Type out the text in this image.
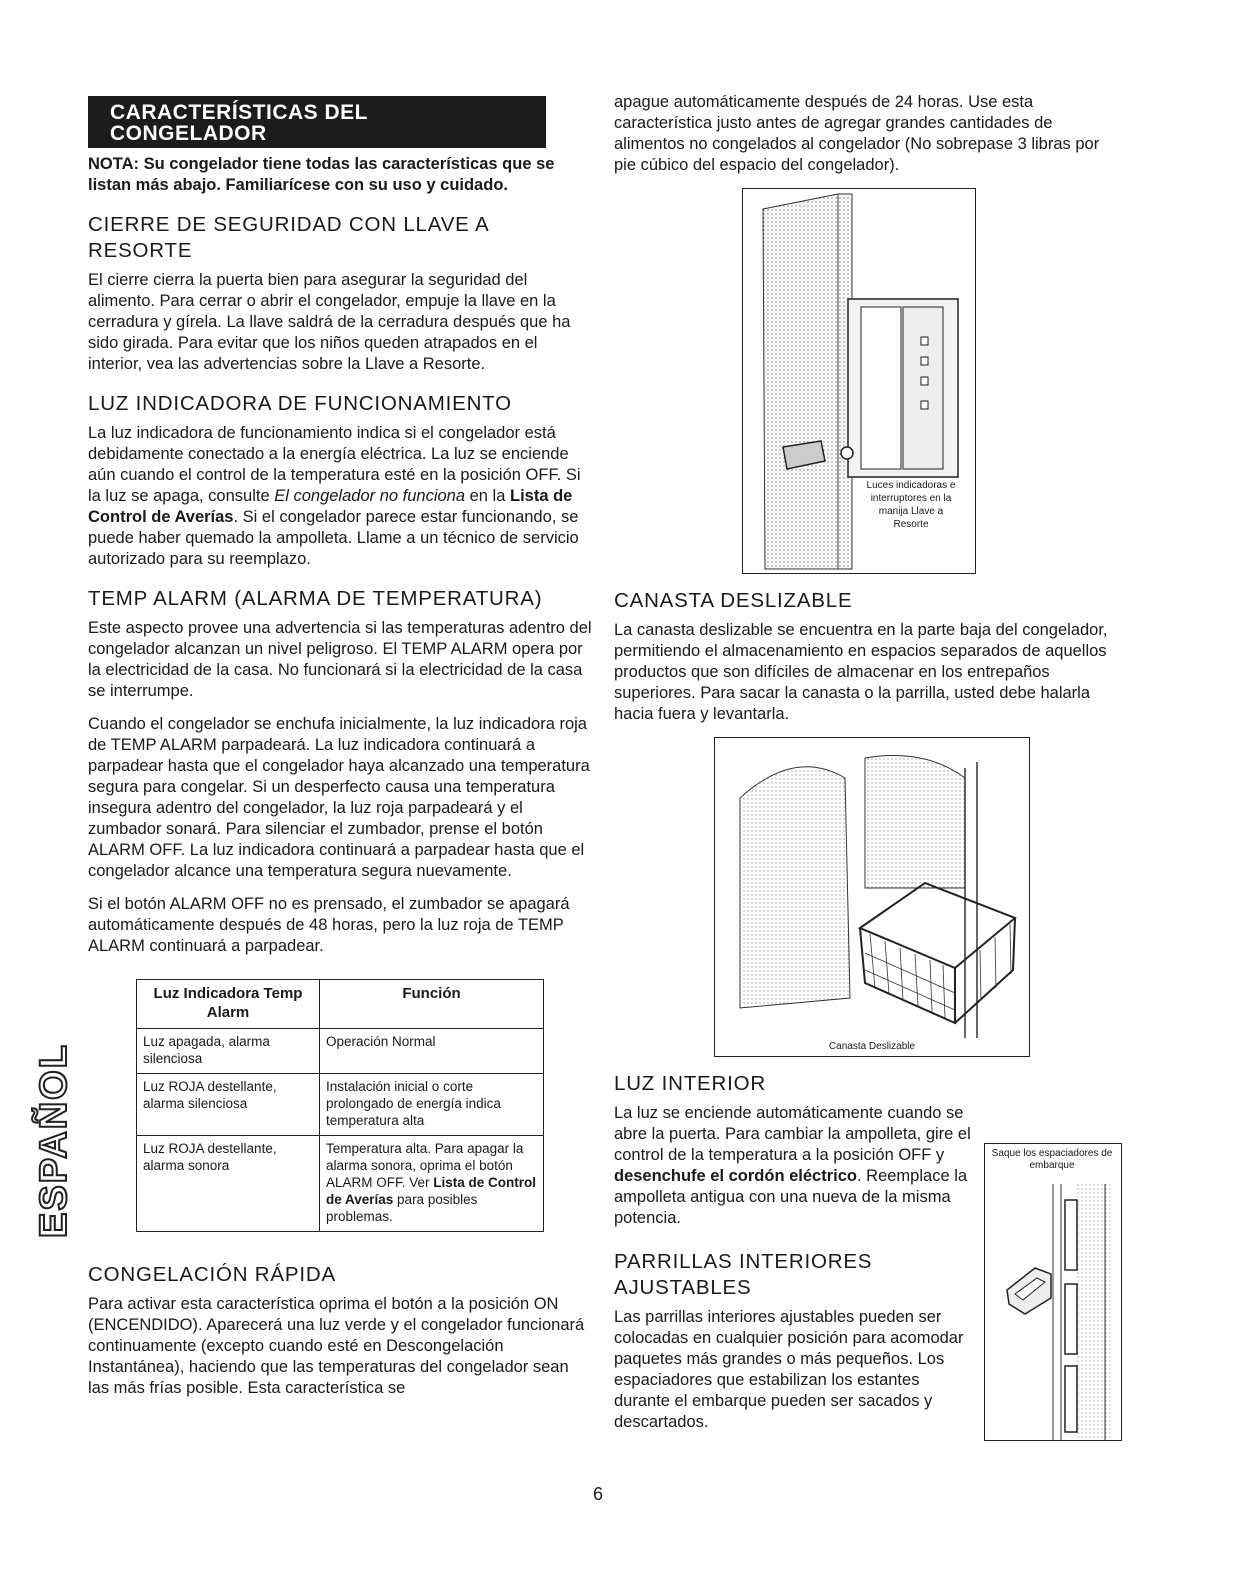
CARACTERÍSTICAS DEL CONGELADOR

NOTA: Su congelador tiene todas las características que se listan más abajo. Familiarícese con su uso y cuidado.

CIERRE DE SEGURIDAD CON LLAVE A RESORTE

El cierre cierra la puerta bien para asegurar la seguridad del alimento. Para cerrar o abrir el congelador, empuje la llave en la cerradura y gírela. La llave saldrá de la cerradura después que ha sido girada. Para evitar que los niños queden atrapados en el interior, vea las advertencias sobre la Llave a Resorte.

LUZ INDICADORA DE FUNCIONAMIENTO

La luz indicadora de funcionamiento indica si el congelador está debidamente conectado a la energía eléctrica. La luz se enciende aún cuando el control de la temperatura esté en la posición OFF. Si la luz se apaga, consulte El congelador no funciona en la Lista de Control de Averías. Si el congelador parece estar funcionando, se puede haber quemado la ampolleta. Llame a un técnico de servicio autorizado para su reemplazo.

TEMP ALARM (ALARMA DE TEMPERATURA)

Este aspecto provee una advertencia si las temperaturas adentro del congelador alcanzan un nivel peligroso. El TEMP ALARM opera por la electricidad de la casa. No funcionará si la electricidad de la casa se interrumpe.

Cuando el congelador se enchufa inicialmente, la luz indicadora roja de TEMP ALARM parpadeará. La luz indicadora continuará a parpadear hasta que el congelador haya alcanzado una temperatura segura para congelar. Si un desperfecto causa una temperatura insegura adentro del congelador, la luz roja parpadeará y el zumbador sonará. Para silenciar el zumbador, prense el botón ALARM OFF. La luz indicadora continuará a parpadear hasta que el congelador alcance una temperatura segura nuevamente.

Si el botón ALARM OFF no es prensado, el zumbador se apagará automáticamente después de 48 horas, pero la luz roja de TEMP ALARM continuará a parpadear.

Luz Indicadora Temp Alarm	Función
Luz apagada, alarma silenciosa	Operación Normal
Luz ROJA destellante, alarma silenciosa	Instalación inicial o corte prolongado de energía indica temperatura alta
Luz ROJA destellante, alarma sonora	Temperatura alta. Para apagar la alarma sonora, oprima el botón ALARM OFF. Ver Lista de Control de Averías para posibles problemas.
CONGELACIÓN RÁPIDA

Para activar esta característica oprima el botón a la posición ON (ENCENDIDO). Aparecerá una luz verde y el congelador funcionará continuamente (excepto cuando esté en Descongelación Instantánea), haciendo que las temperaturas del congelador sean las más frías posible. Esta característica se

apague automáticamente después de 24 horas. Use esta característica justo antes de agregar grandes cantidades de alimentos no congelados al congelador (No sobrepase 3 libras por pie cúbico del espacio del congelador).

Luces indicadoras e interruptores en la manija Llave a Resorte
CANASTA DESLIZABLE

La canasta deslizable se encuentra en la parte baja del congelador, permitiendo el almacenamiento en espacios separados de aquellos productos que son difíciles de almacenar en los entrepaños superiores. Para sacar la canasta o la parrilla, usted debe halarla hacia fuera y levantarla.

Canasta Deslizable
LUZ INTERIOR

La luz se enciende automáticamente cuando se abre la puerta. Para cambiar la ampolleta, gire el control de la temperatura a la posición OFF y desenchufe el cordón eléctrico. Reemplace la ampolleta antigua con una nueva de la misma potencia.

PARRILLAS INTERIORES AJUSTABLES

Las parrillas interiores ajustables pueden ser colocadas en cualquier posición para acomodar paquetes más grandes o más pequeños. Los espaciadores que estabilizan los estantes durante el embarque pueden ser sacados y descartados.

Saque los espaciadores de embarque
ESPAÑOL
6
